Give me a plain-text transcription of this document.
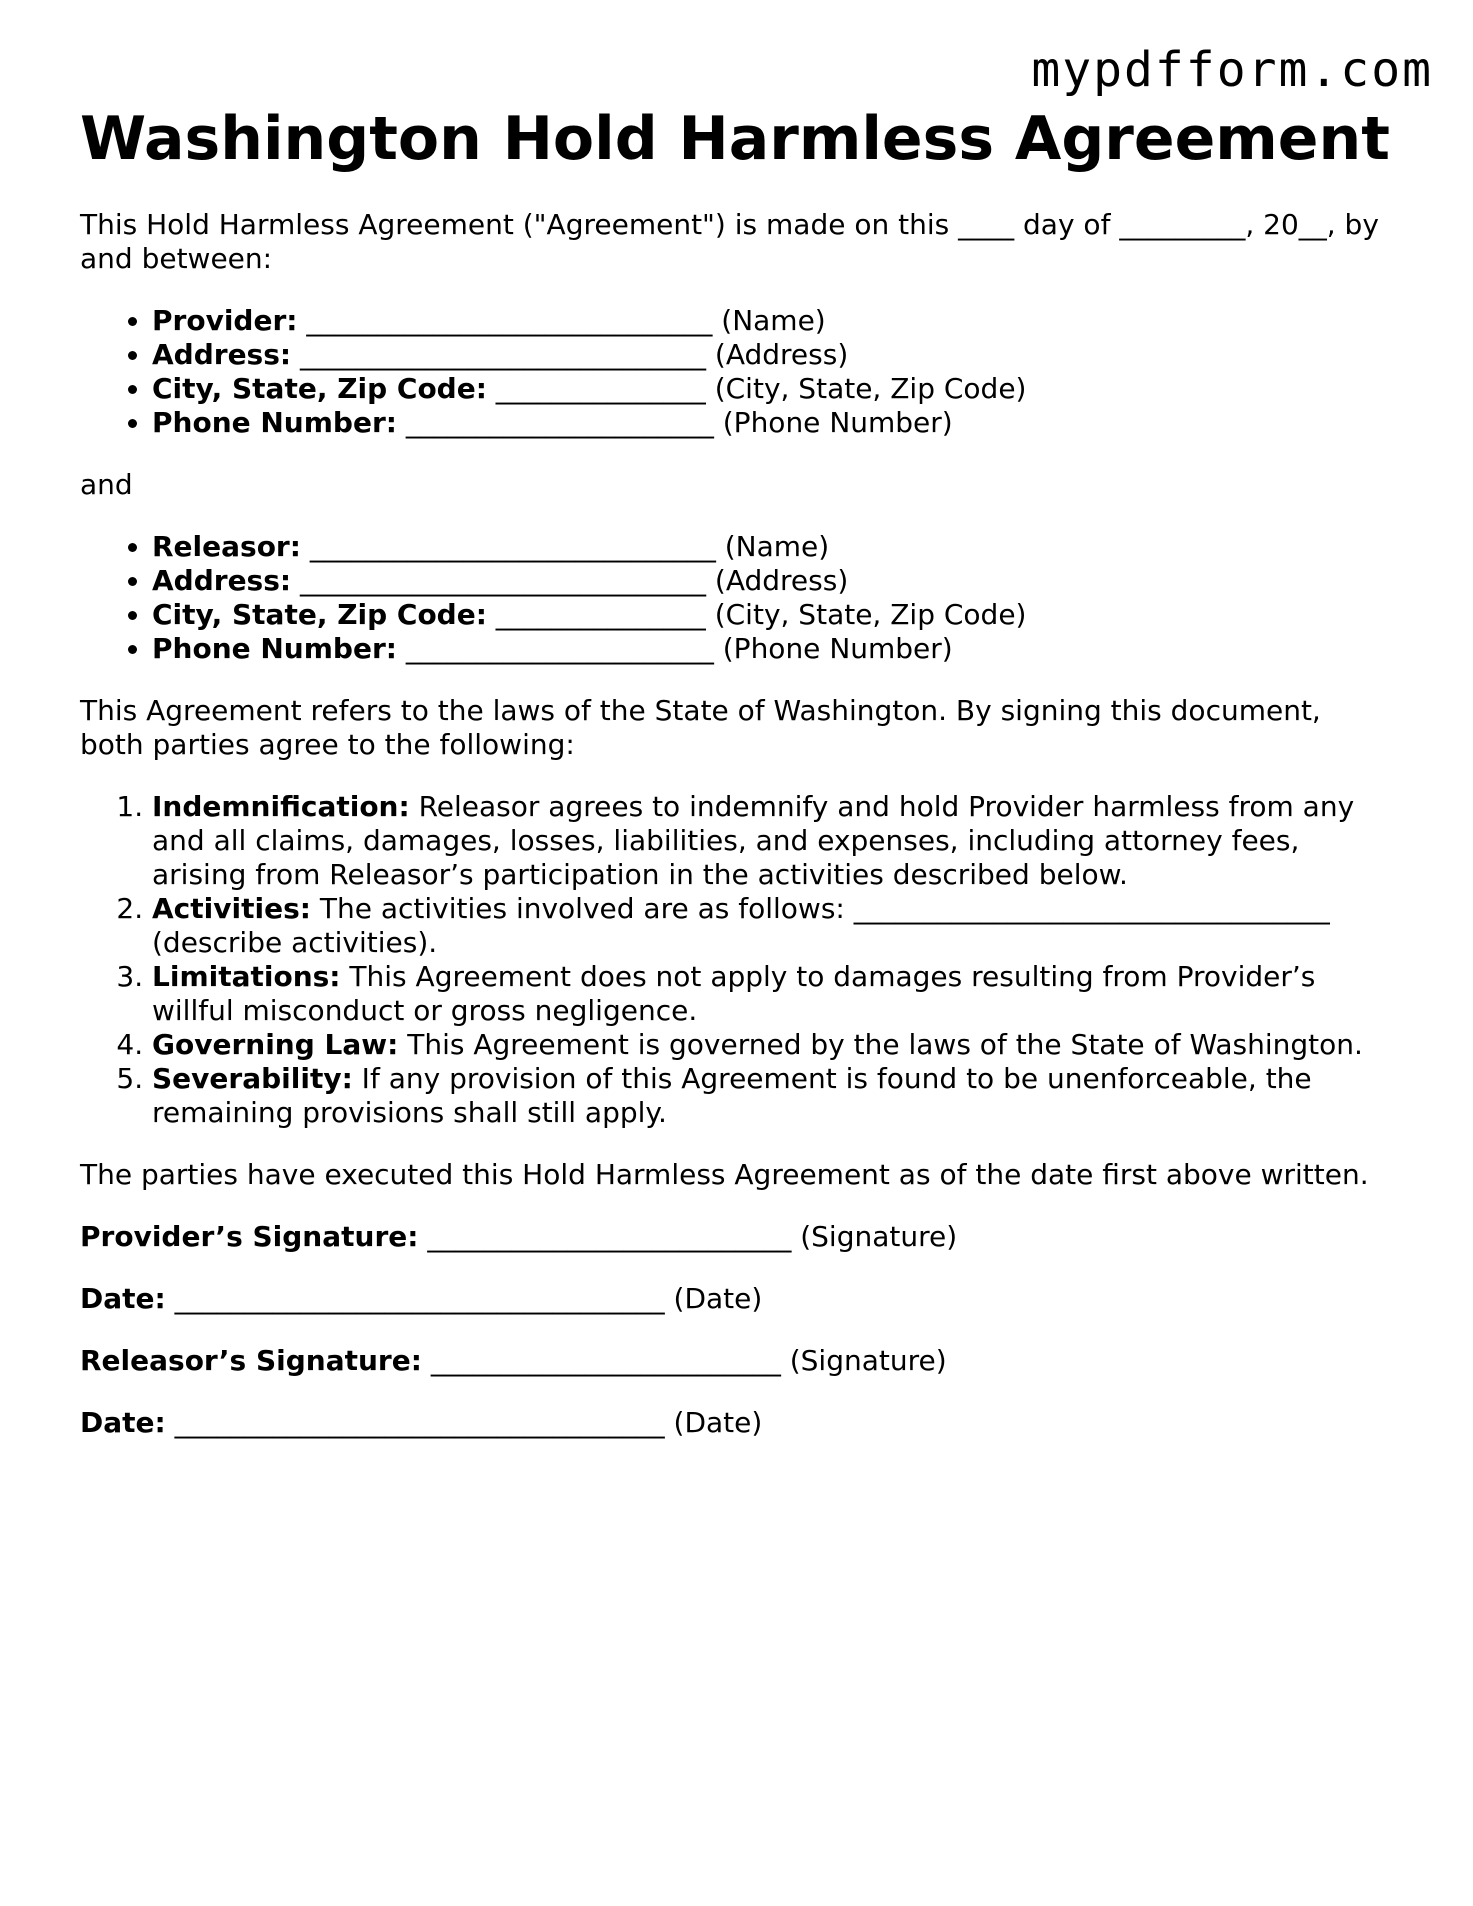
mypdfform.com
Washington Hold Harmless Agreement

This Hold Harmless Agreement ("Agreement") is made on this ____ day of _________, 20__, by and between:

• Provider: _____________________________ (Name)
• Address: _____________________________ (Address)
• City, State, Zip Code: _______________ (City, State, Zip Code)
• Phone Number: ______________________ (Phone Number)

and

• Releasor: _____________________________ (Name)
• Address: _____________________________ (Address)
• City, State, Zip Code: _______________ (City, State, Zip Code)
• Phone Number: ______________________ (Phone Number)

This Agreement refers to the laws of the State of Washington. By signing this document, both parties agree to the following:

1. Indemnification: Releasor agrees to indemnify and hold Provider harmless from any and all claims, damages, losses, liabilities, and expenses, including attorney fees, arising from Releasor’s participation in the activities described below.
2. Activities: The activities involved are as follows: __________________________________ (describe activities).
3. Limitations: This Agreement does not apply to damages resulting from Provider’s willful misconduct or gross negligence.
4. Governing Law: This Agreement is governed by the laws of the State of Washington.
5. Severability: If any provision of this Agreement is found to be unenforceable, the remaining provisions shall still apply.

The parties have executed this Hold Harmless Agreement as of the date first above written.

Provider’s Signature: __________________________ (Signature)

Date: ___________________________________ (Date)

Releasor’s Signature: _________________________ (Signature)

Date: ___________________________________ (Date)
